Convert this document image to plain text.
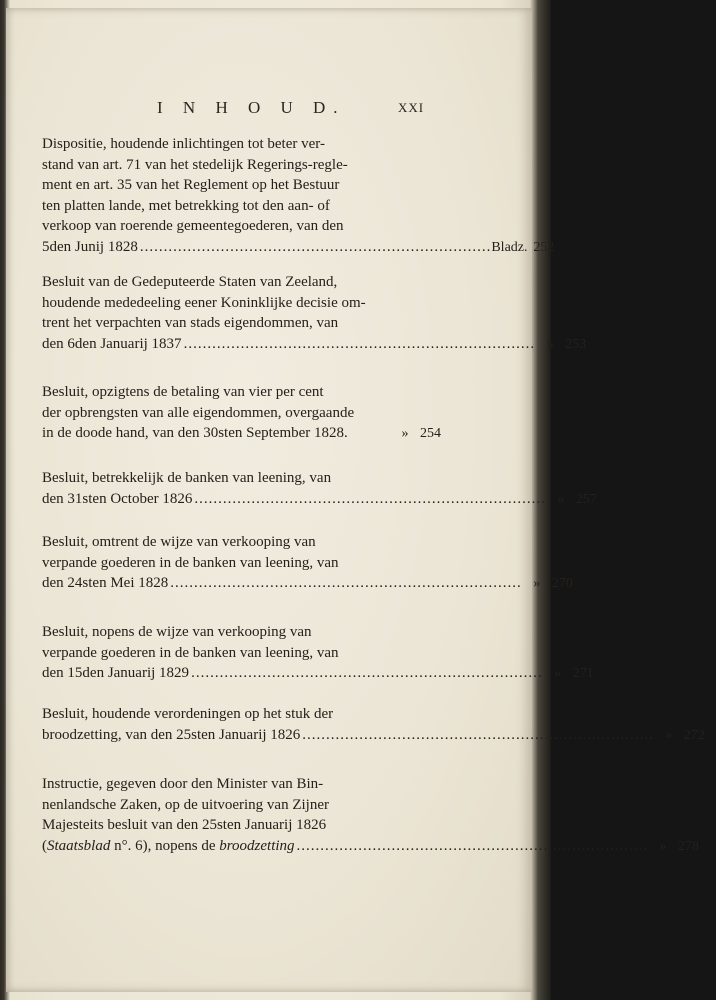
I N H O U D.	XXI
Dispositie, houdende inlichtingen tot beter ver-
stand van art. 71 van het stedelijk Regerings-regle-
ment en art. 35 van het Reglement op het Bestuur
ten platten lande, met betrekking tot den aan- of
verkoop van roerende gemeentegoederen, van den
5den Junij 1828 .......................................................................... Bladz. 252
Besluit van de Gedeputeerde Staten van Zeeland,
houdende mededeeling eener Koninklijke decisie om-
trent het verpachten van stads eigendommen, van
den 6den Januarij 1837 .......................................................................... » 253
Besluit, opzigtens de betaling van vier per cent
der opbrengsten van alle eigendommen, overgaande
in de doode hand, van den 30sten September 1828.	» 254
Besluit, betrekkelijk de banken van leening, van
den 31sten October 1826 .......................................................................... » 257
Besluit, omtrent de wijze van verkooping van
verpande goederen in de banken van leening, van
den 24sten Mei 1828 .......................................................................... » 270
Besluit, nopens de wijze van verkooping van
verpande goederen in de banken van leening, van
den 15den Januarij 1829 .......................................................................... » 271
Besluit, houdende verordeningen op het stuk der
broodzetting, van den 25sten Januarij 1826 .......................................................................... » 272
Instructie, gegeven door den Minister van Bin-
nenlandsche Zaken, op de uitvoering van Zijner
Majesteits besluit van den 25sten Januarij 1826
(Staatsblad n°. 6), nopens de broodzetting .......................................................................... » 278
